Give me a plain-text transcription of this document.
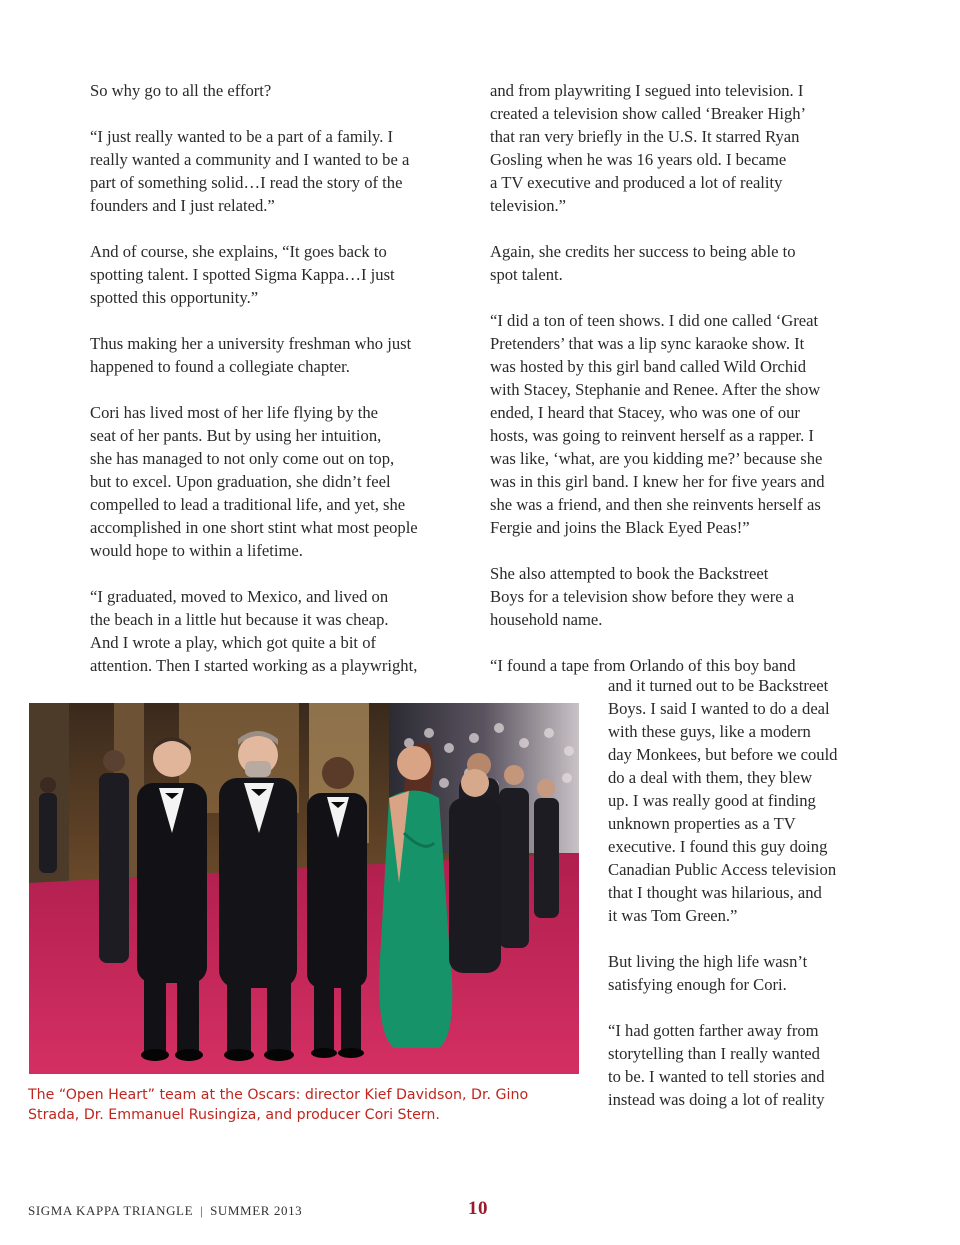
So why go to all the effort?

“I just really wanted to be a part of a family. I
really wanted a community and I wanted to be a
part of something solid…I read the story of the
founders and I just related.”

And of course, she explains, “It goes back to
spotting talent. I spotted Sigma Kappa…I just
spotted this opportunity.”

Thus making her a university freshman who just
happened to found a collegiate chapter.

Cori has lived most of her life flying by the
seat of her pants. But by using her intuition,
she has managed to not only come out on top,
but to excel. Upon graduation, she didn’t feel
compelled to lead a traditional life, and yet, she
accomplished in one short stint what most people
would hope to within a lifetime.

“I graduated, moved to Mexico, and lived on
the beach in a little hut because it was cheap.
And I wrote a play, which got quite a bit of
attention. Then I started working as a playwright,

and from playwriting I segued into television. I
created a television show called ‘Breaker High’
that ran very briefly in the U.S. It starred Ryan
Gosling when he was 16 years old. I became
a TV executive and produced a lot of reality
television.”

Again, she credits her success to being able to
spot talent.

“I did a ton of teen shows. I did one called ‘Great
Pretenders’ that was a lip sync karaoke show. It
was hosted by this girl band called Wild Orchid
with Stacey, Stephanie and Renee. After the show
ended, I heard that Stacey, who was one of our
hosts, was going to reinvent herself as a rapper. I
was like, ‘what, are you kidding me?’ because she
was in this girl band. I knew her for five years and
she was a friend, and then she reinvents herself as
Fergie and joins the Black Eyed Peas!”

She also attempted to book the Backstreet
Boys for a television show before they were a
household name.

“I found a tape from Orlando of this boy band

and it turned out to be Backstreet
Boys. I said I wanted to do a deal
with these guys, like a modern
day Monkees, but before we could
do a deal with them, they blew
up. I was really good at finding
unknown properties as a TV
executive. I found this guy doing
Canadian Public Access television
that I thought was hilarious, and
it was Tom Green.”

But living the high life wasn’t
satisfying enough for Cori.

“I had gotten farther away from
storytelling than I really wanted
to be. I wanted to tell stories and
instead was doing a lot of reality

The “Open Heart” team at the Oscars: director Kief Davidson, Dr. Gino
Strada, Dr. Emmanuel Rusingiza, and producer Cori Stern.
SIGMA KAPPA TRIANGLE | SUMMER 2013	10
